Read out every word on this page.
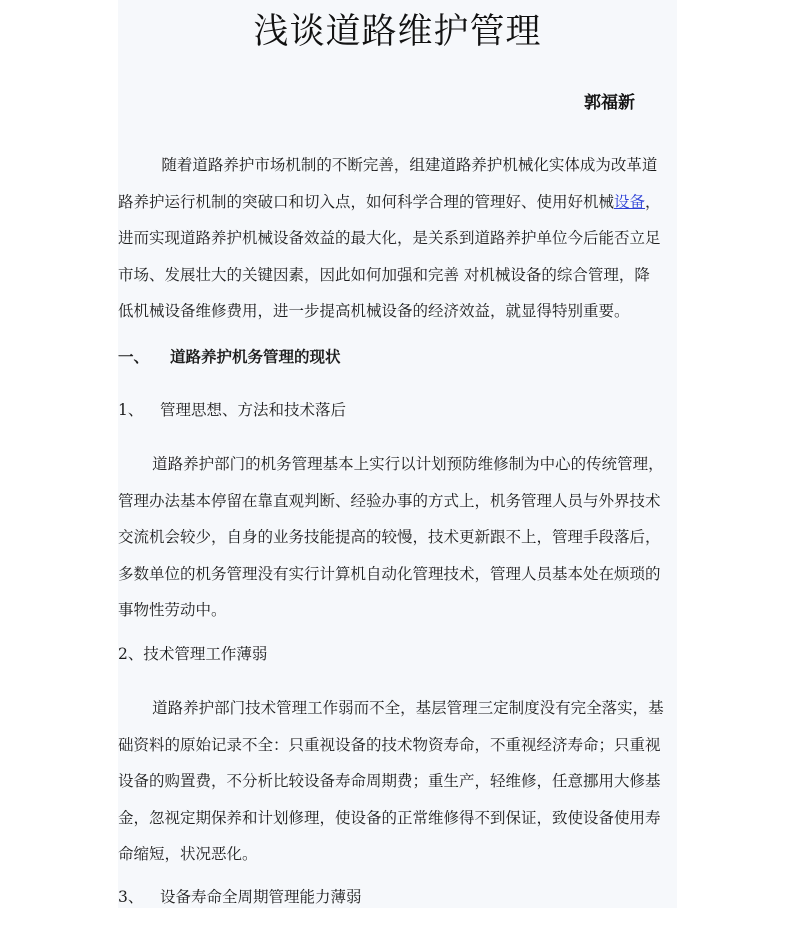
浅谈道路维护管理
郭福新
随着道路养护市场机制的不断完善，组建道路养护机械化实体成为改革道
路养护运行机制的突破口和切入点，如何科学合理的管理好、使用好机械设备，
进而实现道路养护机械设备效益的最大化，是关系到道路养护单位今后能否立足
市场、发展壮大的关键因素，因此如何加强和完善 对机械设备的综合管理，降
低机械设备维修费用，进一步提高机械设备的经济效益，就显得特别重要。
一、 道路养护机务管理的现状
1、 管理思想、方法和技术落后
道路养护部门的机务管理基本上实行以计划预防维修制为中心的传统管理，
管理办法基本停留在靠直观判断、经验办事的方式上，机务管理人员与外界技术
交流机会较少，自身的业务技能提高的较慢，技术更新跟不上，管理手段落后，
多数单位的机务管理没有实行计算机自动化管理技术，管理人员基本处在烦琐的
事物性劳动中。
2、技术管理工作薄弱
道路养护部门技术管理工作弱而不全，基层管理三定制度没有完全落实，基
础资料的原始记录不全：只重视设备的技术物资寿命，不重视经济寿命；只重视
设备的购置费，不分析比较设备寿命周期费；重生产，轻维修，任意挪用大修基
金，忽视定期保养和计划修理，使设备的正常维修得不到保证，致使设备使用寿
命缩短，状况恶化。
3、 设备寿命全周期管理能力薄弱
